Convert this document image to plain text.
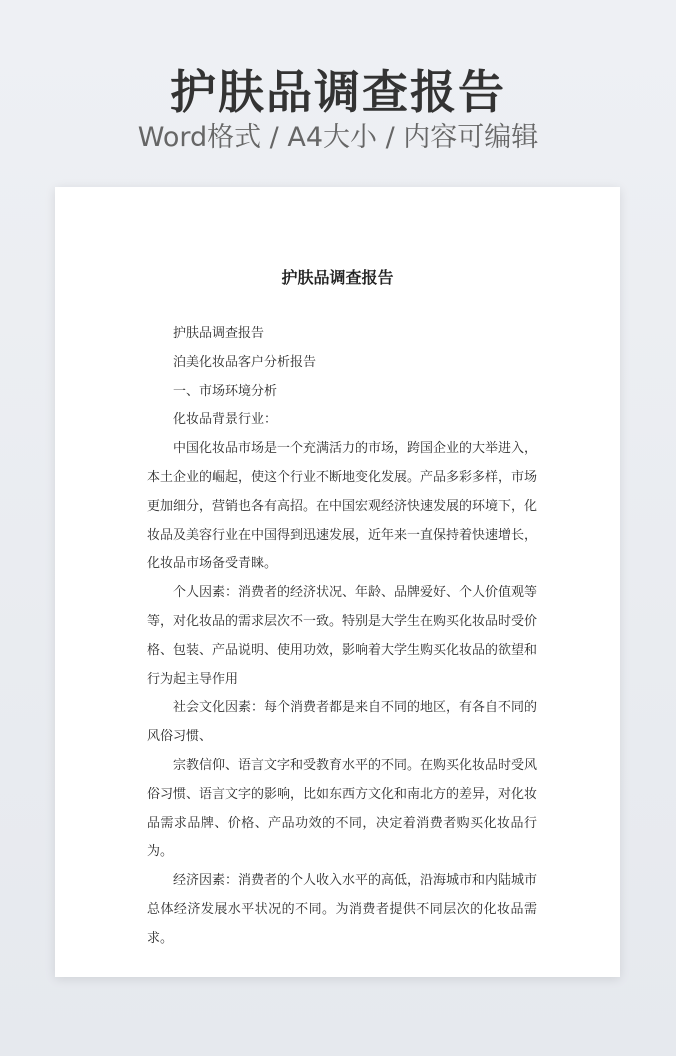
护肤品调查报告
Word格式 / A4大小 / 内容可编辑
护肤品调查报告

护肤品调查报告

泊美化妆品客户分析报告

一、市场环境分析

化妆品背景行业：

中国化妆品市场是一个充满活力的市场，跨国企业的大举进入，本土企业的崛起，使这个行业不断地变化发展。产品多彩多样，市场更加细分，营销也各有高招。在中国宏观经济快速发展的环境下，化妆品及美容行业在中国得到迅速发展，近年来一直保持着快速增长，化妆品市场备受青睐。

个人因素：消费者的经济状况、年龄、品牌爱好、个人价值观等等，对化妆品的需求层次不一致。特别是大学生在购买化妆品时受价格、包装、产品说明、使用功效，影响着大学生购买化妆品的欲望和行为起主导作用

社会文化因素：每个消费者都是来自不同的地区，有各自不同的风俗习惯、

宗教信仰、语言文字和受教育水平的不同。在购买化妆品时受风俗习惯、语言文字的影响，比如东西方文化和南北方的差异，对化妆品需求品牌、价格、产品功效的不同，决定着消费者购买化妆品行为。

经济因素：消费者的个人收入水平的高低，沿海城市和内陆城市总体经济发展水平状况的不同。为消费者提供不同层次的化妆品需求。
